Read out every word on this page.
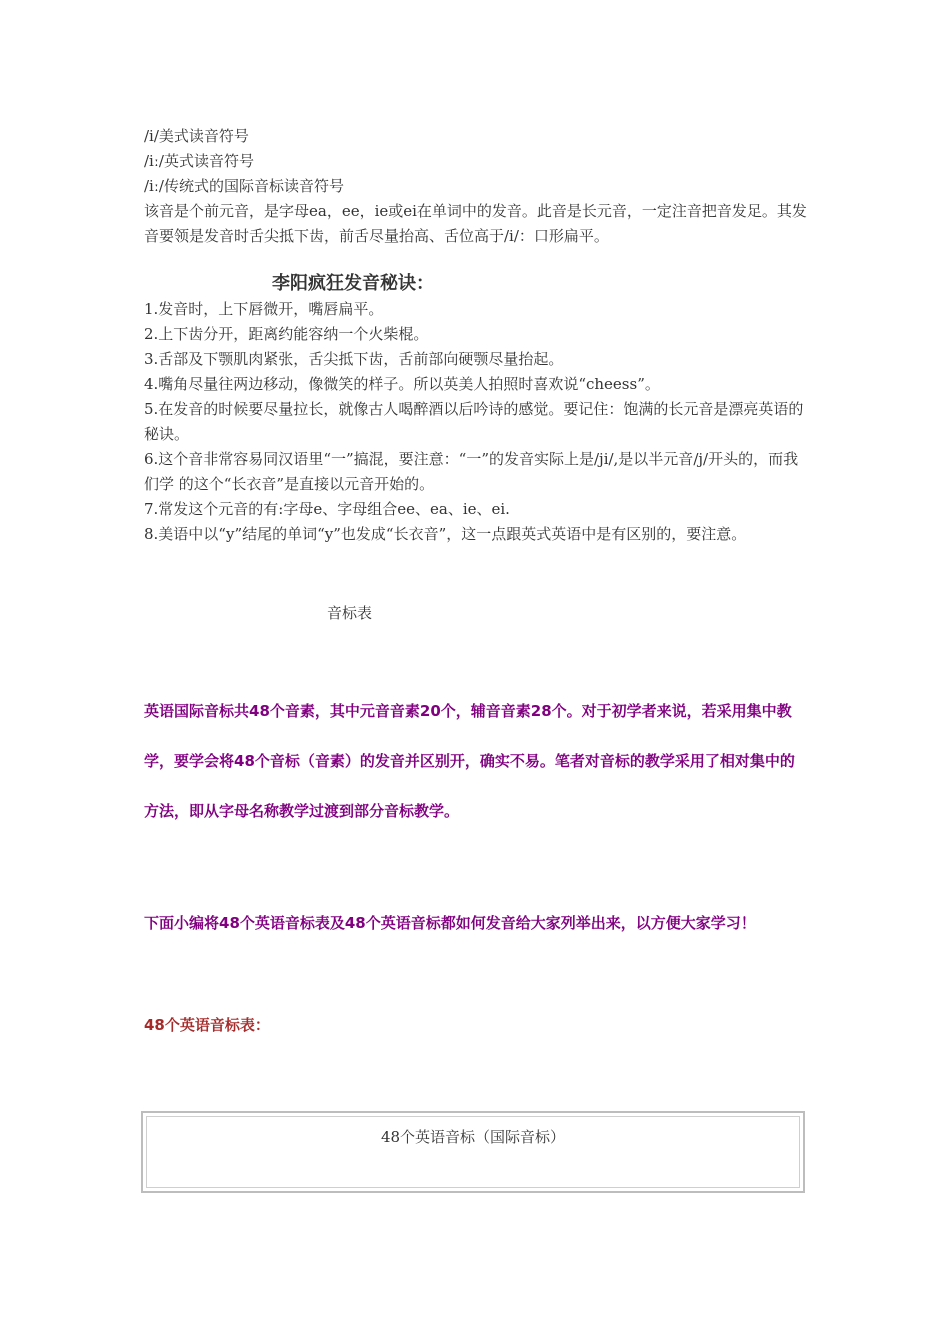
/i/美式读音符号
/iː/英式读音符号
/iː/传统式的国际音标读音符号
该音是个前元音，是字母ea，ee，ie或ei在单词中的发音。此音是长元音，一定注音把音发足。其发音要领是发音时舌尖抵下齿，前舌尽量抬高、舌位高于/i/：口形扁平。
李阳疯狂发音秘诀：
1.发音时，上下唇微开，嘴唇扁平。
2.上下齿分开，距离约能容纳一个火柴棍。
3.舌部及下颚肌肉紧张，舌尖抵下齿，舌前部向硬颚尽量抬起。
4.嘴角尽量往两边移动，像微笑的样子。所以英美人拍照时喜欢说“cheess”。
5.在发音的时候要尽量拉长，就像古人喝醉酒以后吟诗的感觉。要记住：饱满的长元音是漂亮英语的秘诀。
6.这个音非常容易同汉语里“一”搞混，要注意：“一”的发音实际上是/ji/,是以半元音/j/开头的，而我们学 的这个“长衣音”是直接以元音开始的。
7.常发这个元音的有:字母e、字母组合ee、ea、ie、ei.
8.美语中以“y”结尾的单词“y”也发成“长衣音”，这一点跟英式英语中是有区别的，要注意。
音标表
英语国际音标共48个音素，其中元音音素20个，辅音音素28个。对于初学者来说，若采用集中教学，要学会将48个音标（音素）的发音并区别开，确实不易。笔者对音标的教学采用了相对集中的方法，即从字母名称教学过渡到部分音标教学。
下面小编将48个英语音标表及48个英语音标都如何发音给大家列举出来，以方便大家学习！
48个英语音标表：
48个英语音标（国际音标）
